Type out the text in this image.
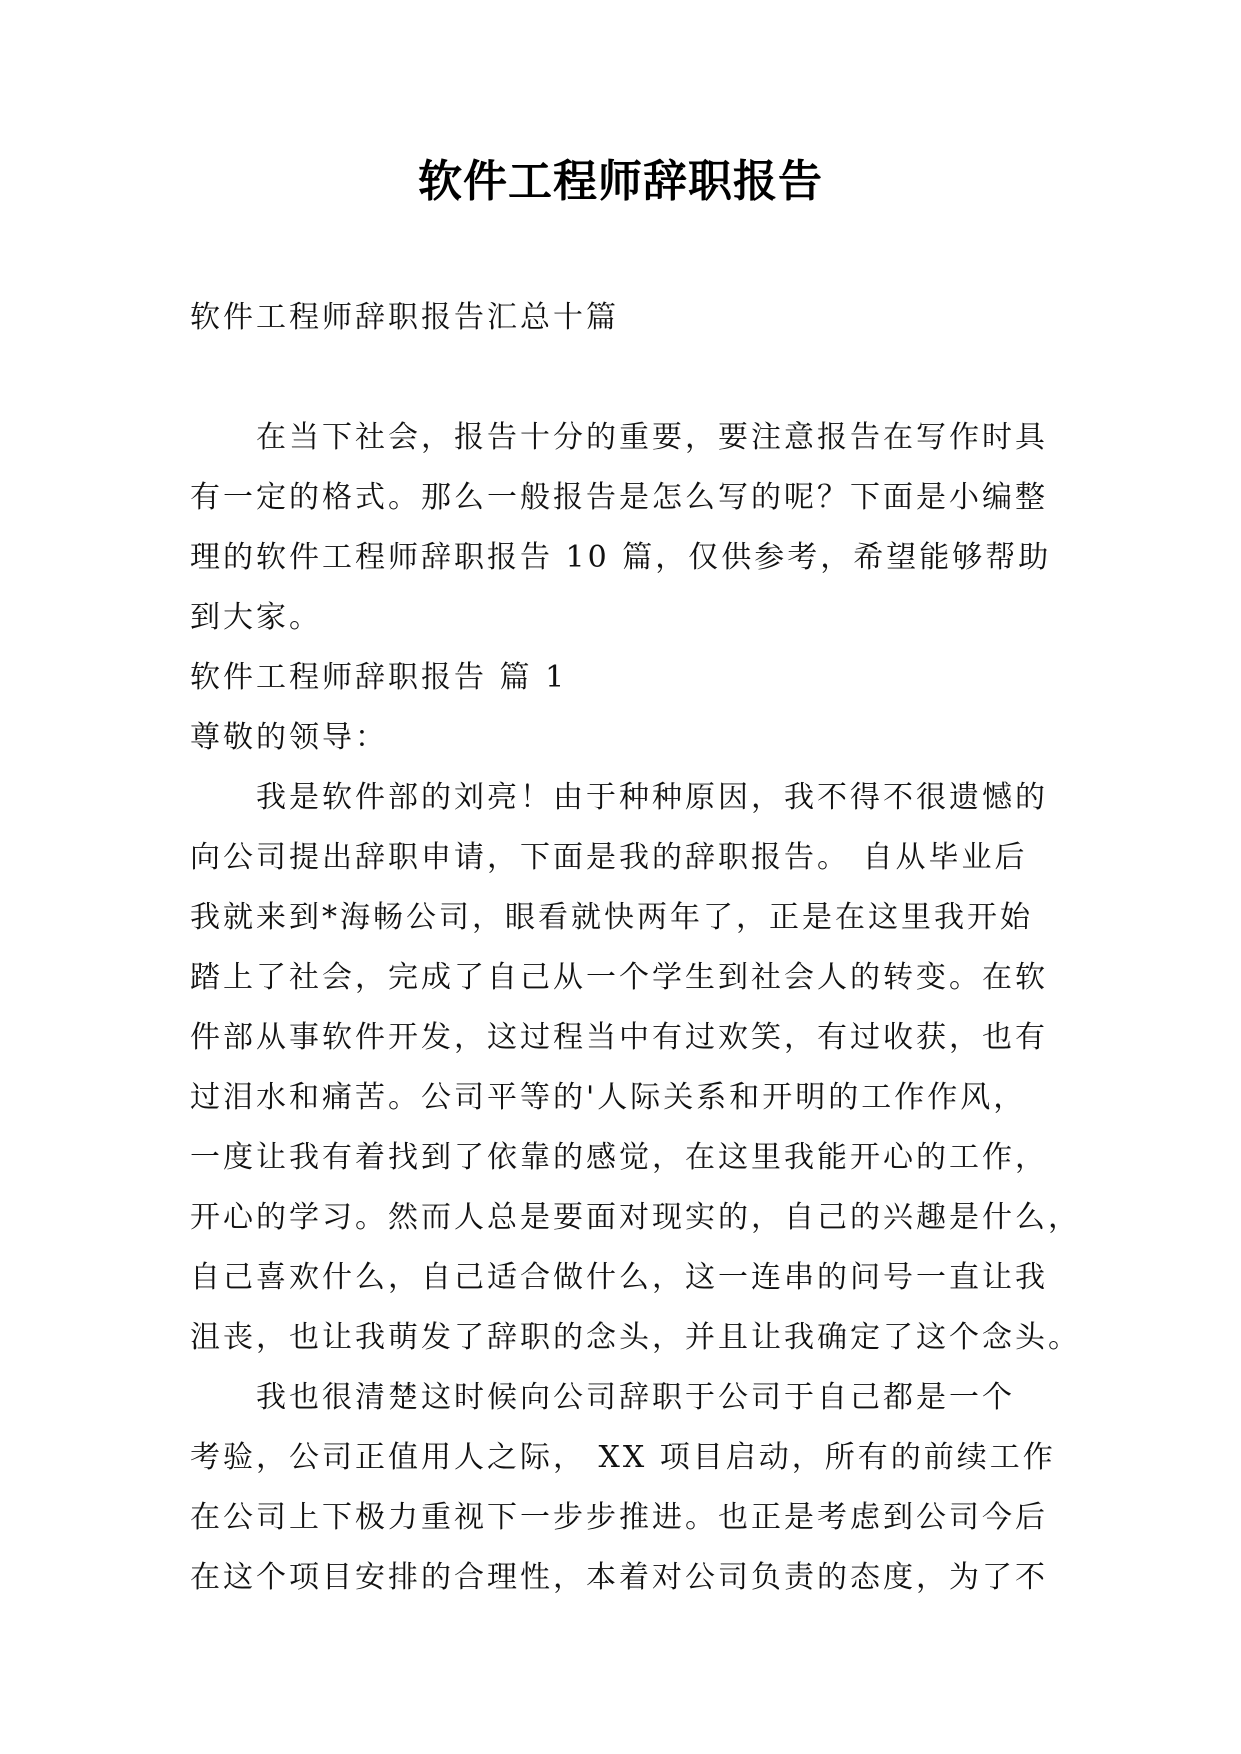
软件工程师辞职报告
软件工程师辞职报告汇总十篇
在当下社会，报告十分的重要，要注意报告在写作时具
有一定的格式。那么一般报告是怎么写的呢？下面是小编整
理的软件工程师辞职报告 10 篇，仅供参考，希望能够帮助
到大家。
软件工程师辞职报告 篇 1
尊敬的领导：
我是软件部的刘亮！由于种种原因，我不得不很遗憾的
向公司提出辞职申请，下面是我的辞职报告。 自从毕业后
我就来到*海畅公司，眼看就快两年了，正是在这里我开始
踏上了社会，完成了自己从一个学生到社会人的转变。在软
件部从事软件开发，这过程当中有过欢笑，有过收获，也有
过泪水和痛苦。公司平等的'人际关系和开明的工作作风，
一度让我有着找到了依靠的感觉，在这里我能开心的工作，
开心的学习。然而人总是要面对现实的，自己的兴趣是什么，
自己喜欢什么，自己适合做什么，这一连串的问号一直让我
沮丧，也让我萌发了辞职的念头，并且让我确定了这个念头。
我也很清楚这时候向公司辞职于公司于自己都是一个
考验，公司正值用人之际， XX 项目启动，所有的前续工作
在公司上下极力重视下一步步推进。也正是考虑到公司今后
在这个项目安排的合理性，本着对公司负责的态度，为了不
